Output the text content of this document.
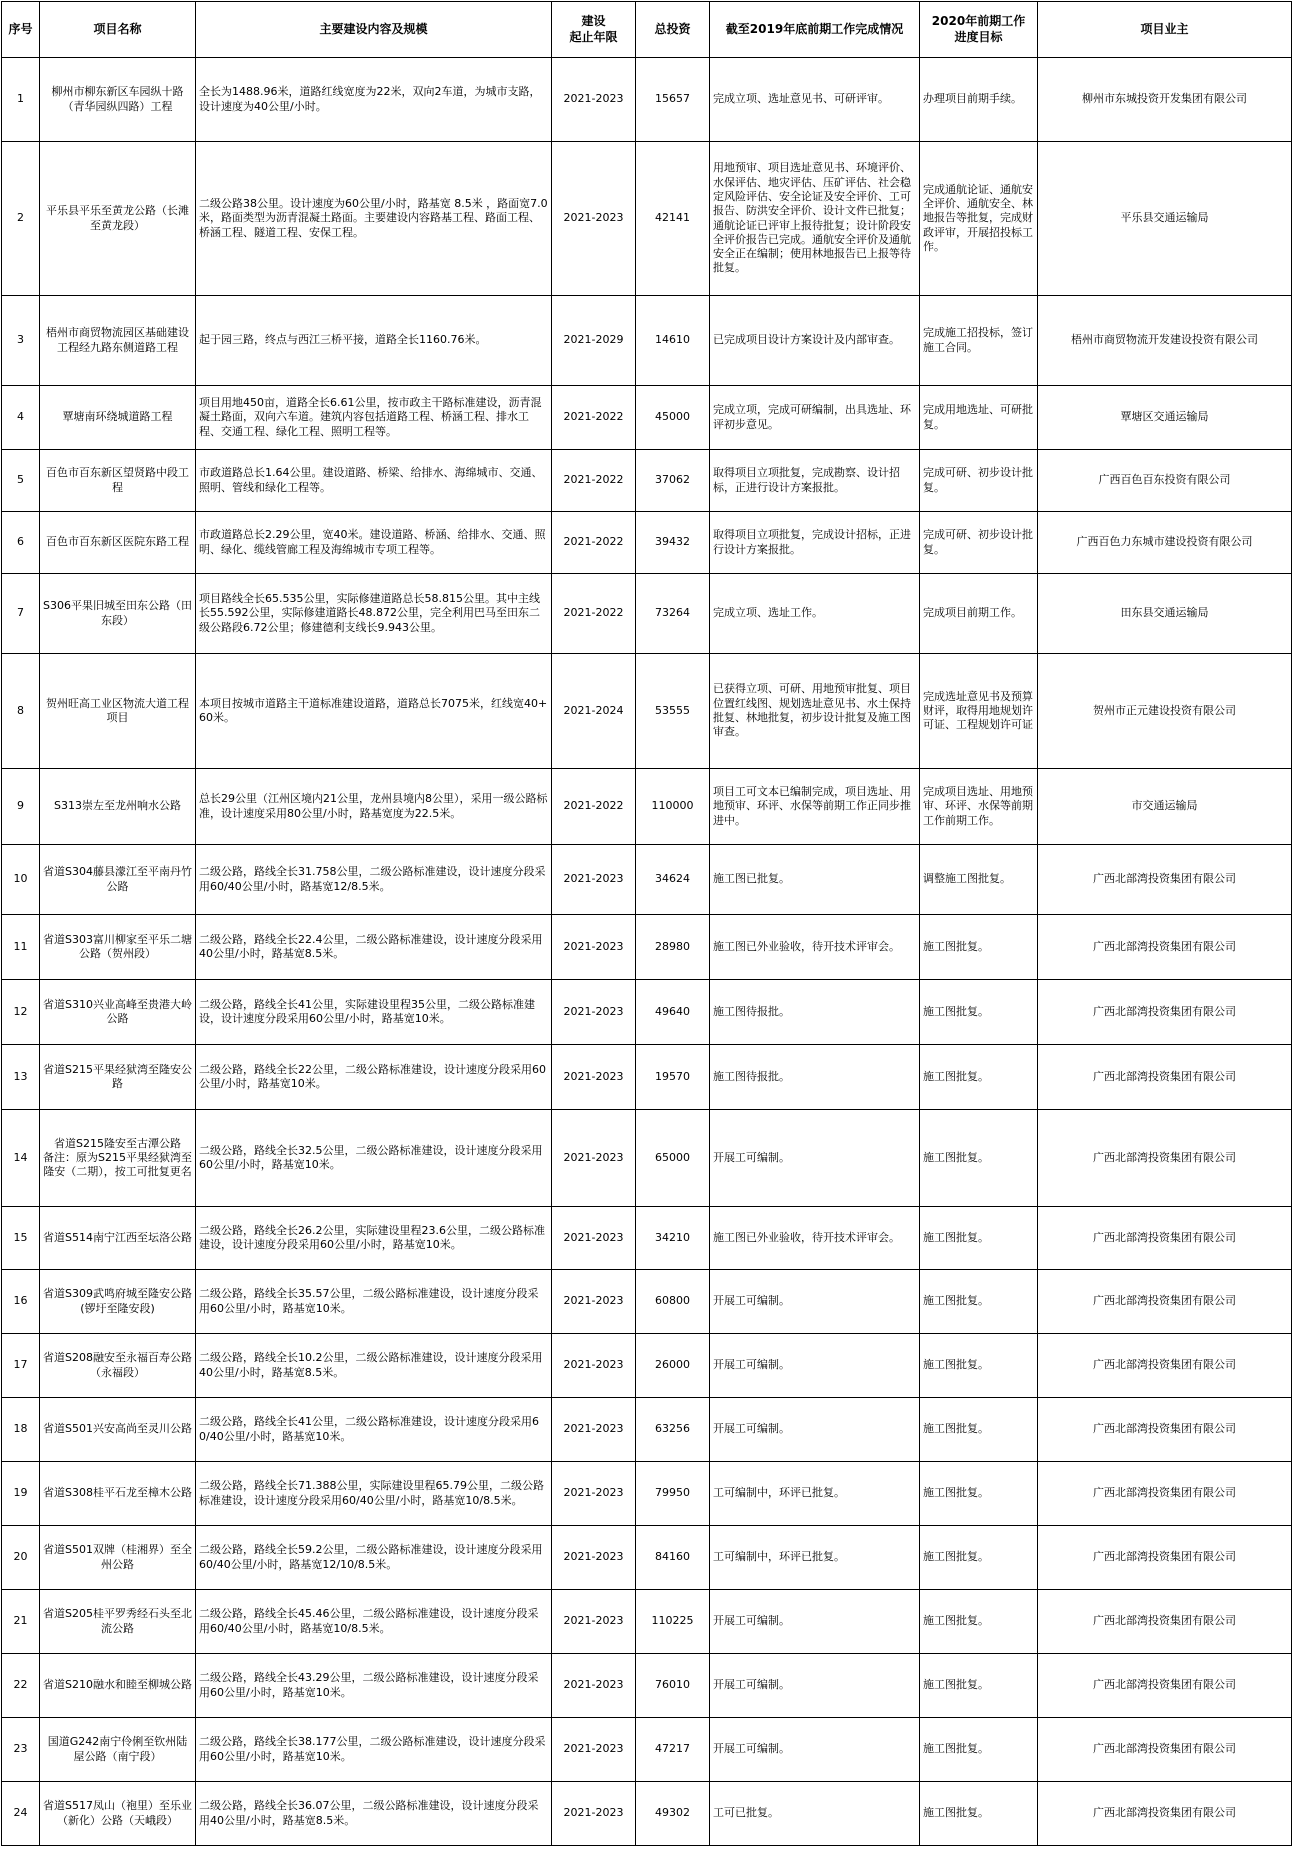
序号	项目名称	主要建设内容及规模	建设
起止年限	总投资	截至2019年底前期工作完成情况	2020年前期工作
进度目标	项目业主
1	柳州市柳东新区车园纵十路（青华园纵四路）工程	全长为1488.96米，道路红线宽度为22米，双向2车道，为城市支路，设计速度为40公里/小时。	2021-2023	15657	完成立项、选址意见书、可研评审。	办理项目前期手续。	柳州市东城投资开发集团有限公司
2	平乐县平乐至黄龙公路（长滩至黄龙段）	二级公路38公里。设计速度为60公里/小时，路基宽 8.5米 ，路面宽7.0米，路面类型为沥青混凝土路面。主要建设内容路基工程、路面工程、桥涵工程、隧道工程、安保工程。	2021-2023	42141	用地预审、项目选址意见书、环境评价、水保评估、地灾评估、压矿评估、社会稳定风险评估、安全论证及安全评价、工可报告、防洪安全评价、设计文件已批复；通航论证已评审上报待批复；设计阶段安全评价报告已完成。通航安全评价及通航安全正在编制；使用林地报告已上报等待批复。	完成通航论证、通航安全评价、通航安全、林地报告等批复，完成财政评审，开展招投标工作。	平乐县交通运输局
3	梧州市商贸物流园区基础建设工程经九路东侧道路工程	起于园三路，终点与西江三桥平接，道路全长1160.76米。	2021-2029	14610	已完成项目设计方案设计及内部审查。	完成施工招投标，签订施工合同。	梧州市商贸物流开发建设投资有限公司
4	覃塘南环绕城道路工程	项目用地450亩，道路全长6.61公里，按市政主干路标准建设，沥青混凝土路面，双向六车道。建筑内容包括道路工程、桥涵工程、排水工程、交通工程、绿化工程、照明工程等。	2021-2022	45000	完成立项，完成可研编制，出具选址、环评初步意见。	完成用地选址、可研批复。	覃塘区交通运输局
5	百色市百东新区望贤路中段工程	市政道路总长1.64公里。建设道路、桥梁、给排水、海绵城市、交通、照明、管线和绿化工程等。	2021-2022	37062	取得项目立项批复，完成勘察、设计招标，正进行设计方案报批。	完成可研、初步设计批复。	广西百色百东投资有限公司
6	百色市百东新区医院东路工程	市政道路总长2.29公里，宽40米。建设道路、桥涵、给排水、交通、照明、绿化、缆线管廊工程及海绵城市专项工程等。	2021-2022	39432	取得项目立项批复，完成设计招标，正进行设计方案报批。	完成可研、初步设计批复。	广西百色力东城市建设投资有限公司
7	S306平果旧城至田东公路（田东段）	项目路线全长65.535公里，实际修建道路总长58.815公里。其中主线长55.592公里，实际修建道路长48.872公里，完全利用巴马至田东二级公路段6.72公里；修建德利支线长9.943公里。	2021-2022	73264	完成立项、选址工作。	完成项目前期工作。	田东县交通运输局
8	贺州旺高工业区物流大道工程项目	本项目按城市道路主干道标准建设道路，道路总长7075米，红线宽40+60米。	2021-2024	53555	已获得立项、可研、用地预审批复、项目位置红线图、规划选址意见书、水土保持批复、林地批复，初步设计批复及施工图审查。	完成选址意见书及预算财评，取得用地规划许可证、工程规划许可证	贺州市正元建设投资有限公司
9	S313崇左至龙州响水公路	总长29公里（江州区境内21公里，龙州县境内8公里），采用一级公路标准，设计速度采用80公里/小时，路基宽度为22.5米。	2021-2022	110000	项目工可文本已编制完成，项目选址、用地预审、环评、水保等前期工作正同步推进中。	完成项目选址、用地预审、环评、水保等前期工作前期工作。	市交通运输局
10	省道S304藤县濛江至平南丹竹公路	二级公路，路线全长31.758公里，二级公路标准建设，设计速度分段采用60/40公里/小时，路基宽12/8.5米。	2021-2023	34624	施工图已批复。	调整施工图批复。	广西北部湾投资集团有限公司
11	省道S303富川柳家至平乐二塘公路（贺州段）	二级公路，路线全长22.4公里，二级公路标准建设，设计速度分段采用40公里/小时，路基宽8.5米。	2021-2023	28980	施工图已外业验收，待开技术评审会。	施工图批复。	广西北部湾投资集团有限公司
12	省道S310兴业高峰至贵港大岭公路	二级公路，路线全长41公里，实际建设里程35公里，二级公路标准建设，设计速度分段采用60公里/小时，路基宽10米。	2021-2023	49640	施工图待报批。	施工图批复。	广西北部湾投资集团有限公司
13	省道S215平果经狱湾至隆安公路	二级公路，路线全长22公里，二级公路标准建设，设计速度分段采用60公里/小时，路基宽10米。	2021-2023	19570	施工图待报批。	施工图批复。	广西北部湾投资集团有限公司
14	省道S215隆安至古潭公路
备注：原为S215平果经狱湾至隆安（二期），按工可批复更名	二级公路，路线全长32.5公里，二级公路标准建设，设计速度分段采用60公里/小时，路基宽10米。	2021-2023	65000	开展工可编制。	施工图批复。	广西北部湾投资集团有限公司
15	省道S514南宁江西至坛洛公路	二级公路，路线全长26.2公里，实际建设里程23.6公里，二级公路标准建设，设计速度分段采用60公里/小时，路基宽10米。	2021-2023	34210	施工图已外业验收，待开技术评审会。	施工图批复。	广西北部湾投资集团有限公司
16	省道S309武鸣府城至隆安公路(锣圩至隆安段)	二级公路，路线全长35.57公里，二级公路标准建设，设计速度分段采用60公里/小时，路基宽10米。	2021-2023	60800	开展工可编制。	施工图批复。	广西北部湾投资集团有限公司
17	省道S208融安至永福百寿公路（永福段）	二级公路，路线全长10.2公里，二级公路标准建设，设计速度分段采用40公里/小时，路基宽8.5米。	2021-2023	26000	开展工可编制。	施工图批复。	广西北部湾投资集团有限公司
18	省道S501兴安高尚至灵川公路	二级公路，路线全长41公里，二级公路标准建设，设计速度分段采用60/40公里/小时，路基宽10米。	2021-2023	63256	开展工可编制。	施工图批复。	广西北部湾投资集团有限公司
19	省道S308桂平石龙至樟木公路	二级公路，路线全长71.388公里，实际建设里程65.79公里，二级公路标准建设，设计速度分段采用60/40公里/小时，路基宽10/8.5米。	2021-2023	79950	工可编制中，环评已批复。	施工图批复。	广西北部湾投资集团有限公司
20	省道S501双牌（桂湘界）至全州公路	二级公路，路线全长59.2公里，二级公路标准建设，设计速度分段采用60/40公里/小时，路基宽12/10/8.5米。	2021-2023	84160	工可编制中，环评已批复。	施工图批复。	广西北部湾投资集团有限公司
21	省道S205桂平罗秀经石头至北流公路	二级公路，路线全长45.46公里，二级公路标准建设，设计速度分段采用60/40公里/小时，路基宽10/8.5米。	2021-2023	110225	开展工可编制。	施工图批复。	广西北部湾投资集团有限公司
22	省道S210融水和睦至柳城公路	二级公路，路线全长43.29公里，二级公路标准建设，设计速度分段采用60公里/小时，路基宽10米。	2021-2023	76010	开展工可编制。	施工图批复。	广西北部湾投资集团有限公司
23	国道G242南宁伶俐至钦州陆屋公路（南宁段）	二级公路，路线全长38.177公里，二级公路标准建设，设计速度分段采用60公里/小时，路基宽10米。	2021-2023	47217	开展工可编制。	施工图批复。	广西北部湾投资集团有限公司
24	省道S517凤山（袍里）至乐业（新化）公路（天峨段）	二级公路，路线全长36.07公里，二级公路标准建设，设计速度分段采用40公里/小时，路基宽8.5米。	2021-2023	49302	工可已批复。	施工图批复。	广西北部湾投资集团有限公司
